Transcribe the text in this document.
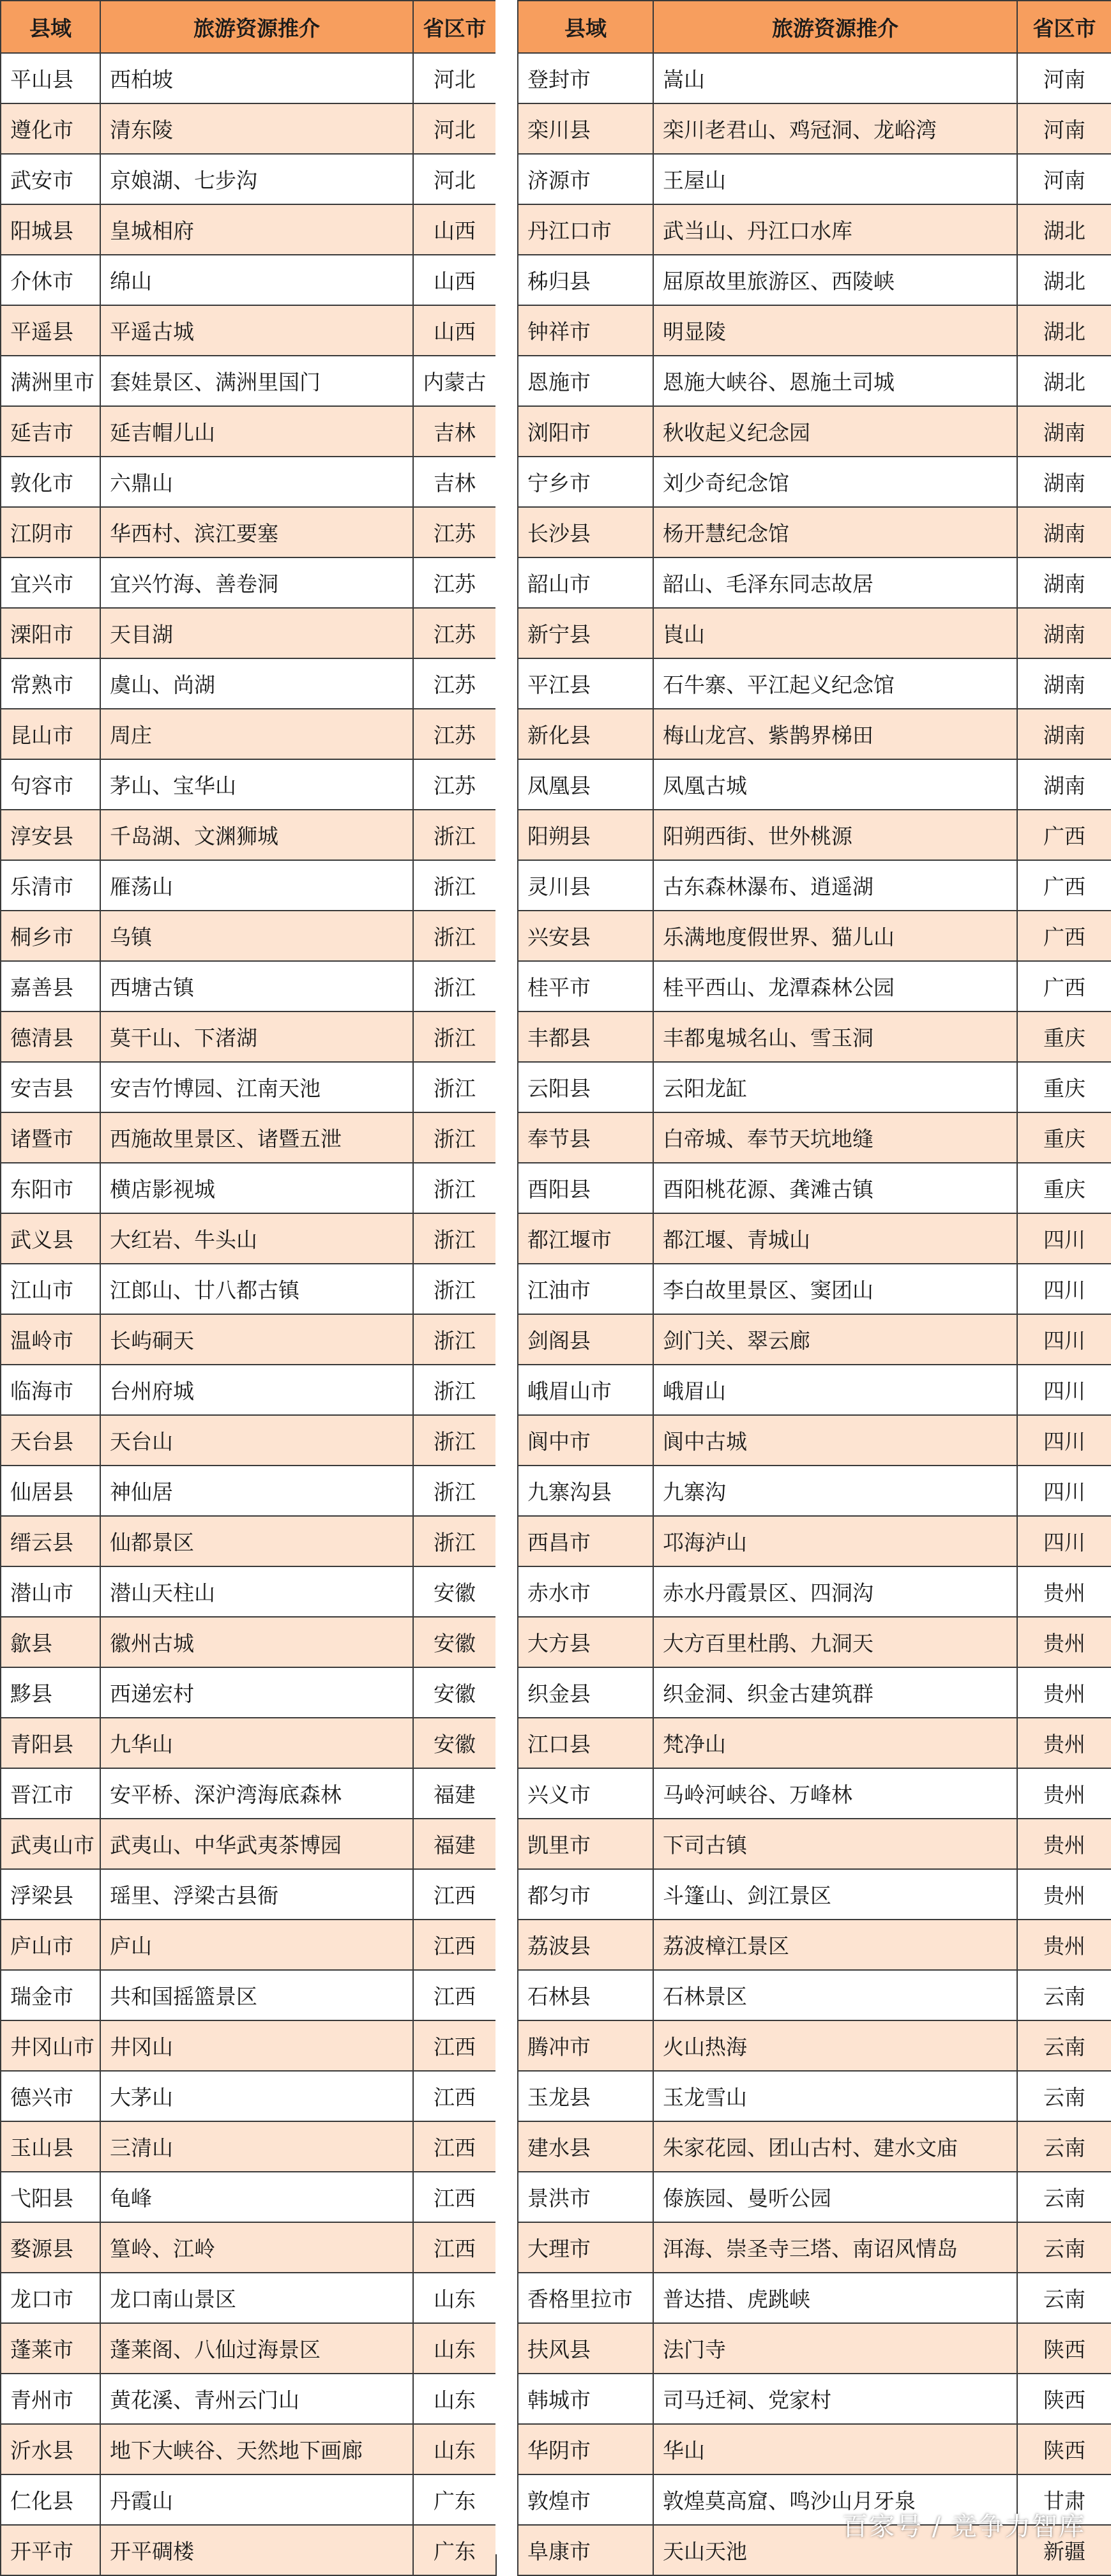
县域	旅游资源推介	省区市
平山县	西柏坡	河北
遵化市	清东陵	河北
武安市	京娘湖、七步沟	河北
阳城县	皇城相府	山西
介休市	绵山	山西
平遥县	平遥古城	山西
满洲里市	套娃景区、满洲里国门	内蒙古
延吉市	延吉帽儿山	吉林
敦化市	六鼎山	吉林
江阴市	华西村、滨江要塞	江苏
宜兴市	宜兴竹海、善卷洞	江苏
溧阳市	天目湖	江苏
常熟市	虞山、尚湖	江苏
昆山市	周庄	江苏
句容市	茅山、宝华山	江苏
淳安县	千岛湖、文渊狮城	浙江
乐清市	雁荡山	浙江
桐乡市	乌镇	浙江
嘉善县	西塘古镇	浙江
德清县	莫干山、下渚湖	浙江
安吉县	安吉竹博园、江南天池	浙江
诸暨市	西施故里景区、诸暨五泄	浙江
东阳市	横店影视城	浙江
武义县	大红岩、牛头山	浙江
江山市	江郎山、廿八都古镇	浙江
温岭市	长屿硐天	浙江
临海市	台州府城	浙江
天台县	天台山	浙江
仙居县	神仙居	浙江
缙云县	仙都景区	浙江
潜山市	潜山天柱山	安徽
歙县	徽州古城	安徽
黟县	西递宏村	安徽
青阳县	九华山	安徽
晋江市	安平桥、深沪湾海底森林	福建
武夷山市	武夷山、中华武夷茶博园	福建
浮梁县	瑶里、浮梁古县衙	江西
庐山市	庐山	江西
瑞金市	共和国摇篮景区	江西
井冈山市	井冈山	江西
德兴市	大茅山	江西
玉山县	三清山	江西
弋阳县	龟峰	江西
婺源县	篁岭、江岭	江西
龙口市	龙口南山景区	山东
蓬莱市	蓬莱阁、八仙过海景区	山东
青州市	黄花溪、青州云门山	山东
沂水县	地下大峡谷、天然地下画廊	山东
仁化县	丹霞山	广东
开平市	开平碉楼	广东
县域	旅游资源推介	省区市
登封市	嵩山	河南
栾川县	栾川老君山、鸡冠洞、龙峪湾	河南
济源市	王屋山	河南
丹江口市	武当山、丹江口水库	湖北
秭归县	屈原故里旅游区、西陵峡	湖北
钟祥市	明显陵	湖北
恩施市	恩施大峡谷、恩施土司城	湖北
浏阳市	秋收起义纪念园	湖南
宁乡市	刘少奇纪念馆	湖南
长沙县	杨开慧纪念馆	湖南
韶山市	韶山、毛泽东同志故居	湖南
新宁县	崀山	湖南
平江县	石牛寨、平江起义纪念馆	湖南
新化县	梅山龙宫、紫鹊界梯田	湖南
凤凰县	凤凰古城	湖南
阳朔县	阳朔西街、世外桃源	广西
灵川县	古东森林瀑布、逍遥湖	广西
兴安县	乐满地度假世界、猫儿山	广西
桂平市	桂平西山、龙潭森林公园	广西
丰都县	丰都鬼城名山、雪玉洞	重庆
云阳县	云阳龙缸	重庆
奉节县	白帝城、奉节天坑地缝	重庆
酉阳县	酉阳桃花源、龚滩古镇	重庆
都江堰市	都江堰、青城山	四川
江油市	李白故里景区、窦团山	四川
剑阁县	剑门关、翠云廊	四川
峨眉山市	峨眉山	四川
阆中市	阆中古城	四川
九寨沟县	九寨沟	四川
西昌市	邛海泸山	四川
赤水市	赤水丹霞景区、四洞沟	贵州
大方县	大方百里杜鹃、九洞天	贵州
织金县	织金洞、织金古建筑群	贵州
江口县	梵净山	贵州
兴义市	马岭河峡谷、万峰林	贵州
凯里市	下司古镇	贵州
都匀市	斗篷山、剑江景区	贵州
荔波县	荔波樟江景区	贵州
石林县	石林景区	云南
腾冲市	火山热海	云南
玉龙县	玉龙雪山	云南
建水县	朱家花园、团山古村、建水文庙	云南
景洪市	傣族园、曼听公园	云南
大理市	洱海、崇圣寺三塔、南诏风情岛	云南
香格里拉市	普达措、虎跳峡	云南
扶风县	法门寺	陕西
韩城市	司马迁祠、党家村	陕西
华阴市	华山	陕西
敦煌市	敦煌莫高窟、鸣沙山月牙泉	甘肃
阜康市	天山天池	新疆
百家号 / 竞争力智库
